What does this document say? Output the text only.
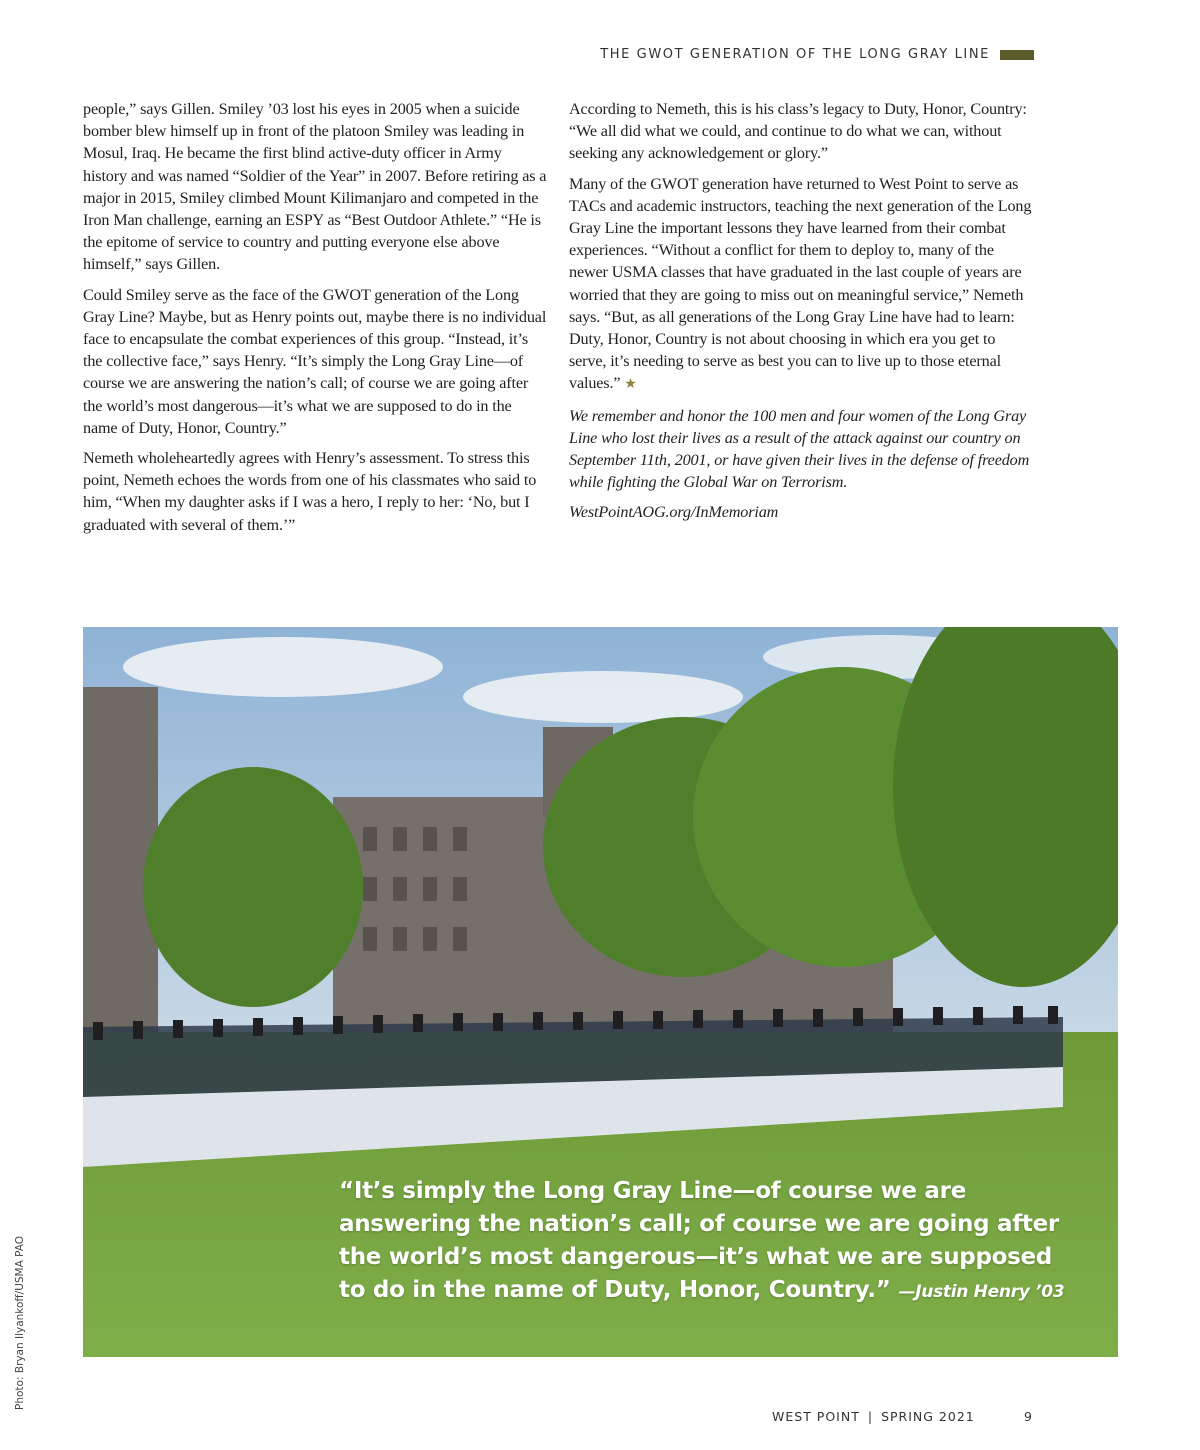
THE GWOT GENERATION OF THE LONG GRAY LINE

people,” says Gillen. Smiley ’03 lost his eyes in 2005 when a suicide bomber blew himself up in front of the platoon Smiley was leading in Mosul, Iraq. He became the first blind active-duty officer in Army history and was named “Soldier of the Year” in 2007. Before retiring as a major in 2015, Smiley climbed Mount Kilimanjaro and competed in the Iron Man challenge, earning an ESPY as “Best Outdoor Athlete.” “He is the epitome of service to country and putting everyone else above himself,” says Gillen.

Could Smiley serve as the face of the GWOT generation of the Long Gray Line? Maybe, but as Henry points out, maybe there is no individual face to encapsulate the combat experiences of this group. “Instead, it’s the collective face,” says Henry. “It’s simply the Long Gray Line—of course we are answering the nation’s call; of course we are going after the world’s most dangerous—it’s what we are supposed to do in the name of Duty, Honor, Country.”

Nemeth wholeheartedly agrees with Henry’s assessment. To stress this point, Nemeth echoes the words from one of his classmates who said to him, “When my daughter asks if I was a hero, I reply to her: ‘No, but I graduated with several of them.’”

According to Nemeth, this is his class’s legacy to Duty, Honor, Country: “We all did what we could, and continue to do what we can, without seeking any acknowledgement or glory.”

Many of the GWOT generation have returned to West Point to serve as TACs and academic instructors, teaching the next generation of the Long Gray Line the important lessons they have learned from their combat experiences. “Without a conflict for them to deploy to, many of the newer USMA classes that have graduated in the last couple of years are worried that they are going to miss out on meaningful service,” Nemeth says. “But, as all generations of the Long Gray Line have had to learn: Duty, Honor, Country is not about choosing in which era you get to serve, it’s needing to serve as best you can to live up to those eternal values.” ★

We remember and honor the 100 men and four women of the Long Gray Line who lost their lives as a result of the attack against our country on September 11th, 2001, or have given their lives in the defense of freedom while fighting the Global War on Terrorism.

WestPointAOG.org/InMemoriam

“It’s simply the Long Gray Line—of course we are answering the nation’s call; of course we are going after the world’s most dangerous—it’s what we are supposed to do in the name of Duty, Honor, Country.” —Justin Henry ’03
Photo: Bryan Ilyankoff/USMA PAO
WEST POINT | SPRING 2021	9
